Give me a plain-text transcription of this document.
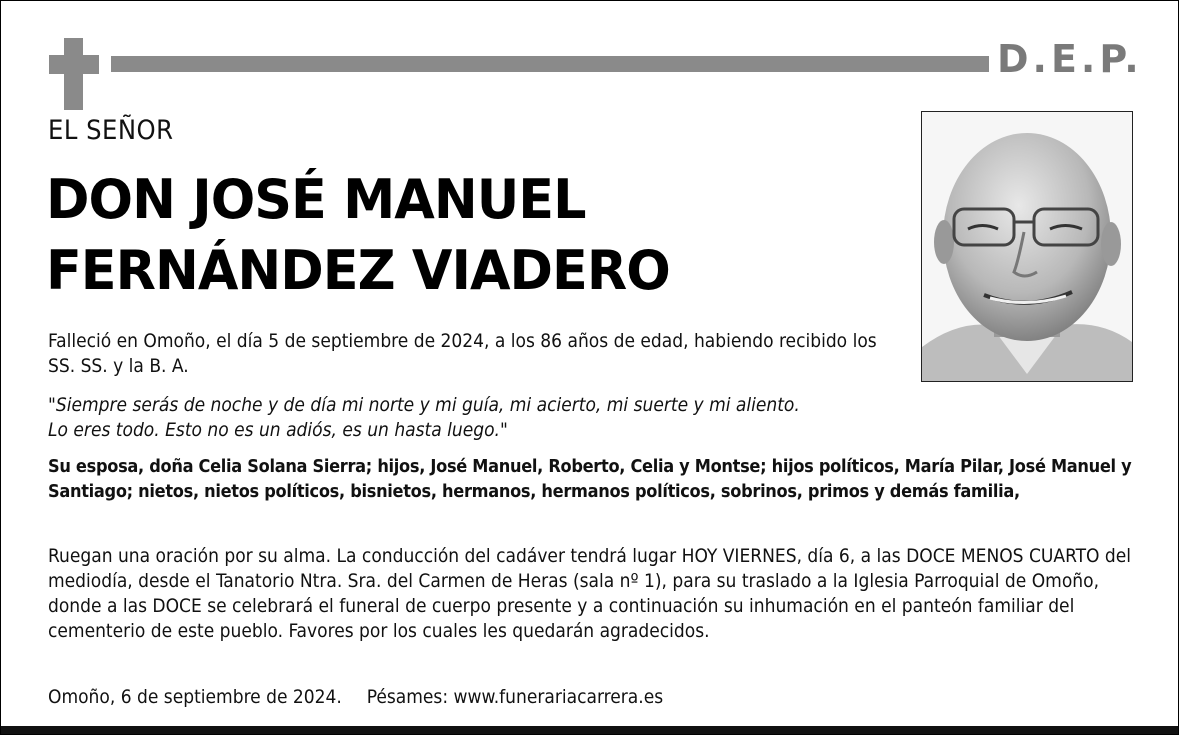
D.E.P.
EL SEÑOR
DON JOSÉ MANUEL
FERNÁNDEZ VIADERO
Falleció en Omoño, el día 5 de septiembre de 2024, a los 86 años de edad, habiendo recibido los SS. SS. y la B. A.
"Siempre serás de noche y de día mi norte y mi guía, mi acierto, mi suerte y mi aliento.
Lo eres todo. Esto no es un adiós, es un hasta luego."
Su esposa, doña Celia Solana Sierra; hijos, José Manuel, Roberto, Celia y Montse; hijos políticos, María Pilar, José Manuel y Santiago; nietos, nietos políticos, bisnietos, hermanos, hermanos políticos, sobrinos, primos y demás familia,
Ruegan una oración por su alma. La conducción del cadáver tendrá lugar HOY VIERNES, día 6, a las DOCE MENOS CUARTO del mediodía, desde el Tanatorio Ntra. Sra. del Carmen de Heras (sala nº 1), para su traslado a la Iglesia Parroquial de Omoño, donde a las DOCE se celebrará el funeral de cuerpo presente y a continuación su inhumación en el panteón familiar del cementerio de este pueblo. Favores por los cuales les quedarán agradecidos.
Omoño, 6 de septiembre de 2024. Pésames: www.funerariacarrera.es
